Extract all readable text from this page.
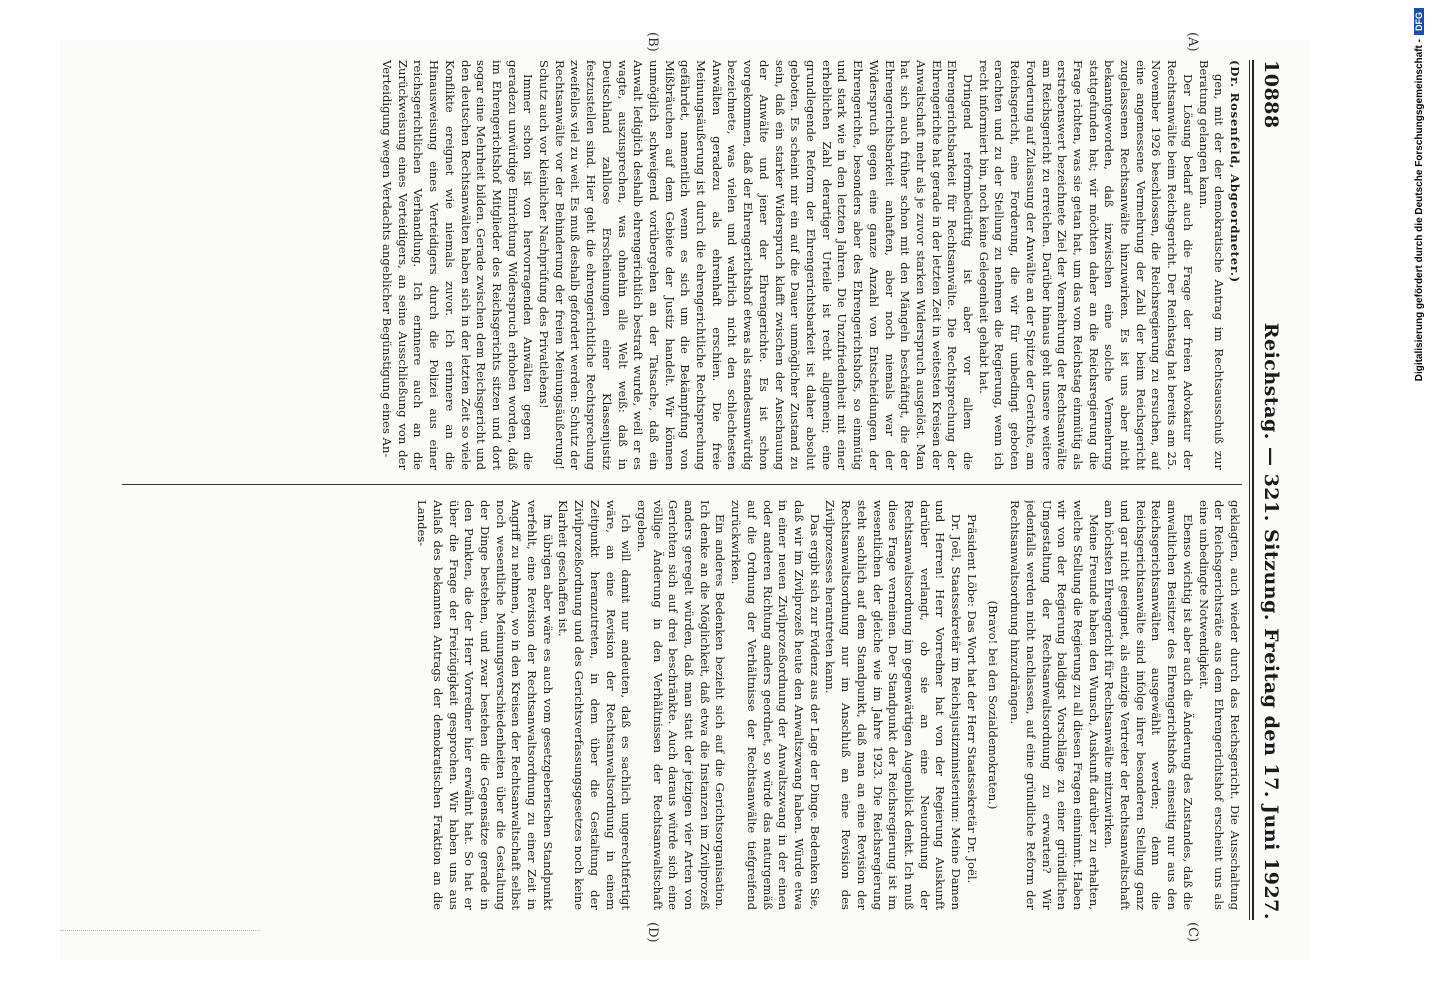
10888
Reichstag. — 321. Sitzung. Freitag den 17. Juni 1927.
(A)
(B)
(C)
(D)

(Dr. Rosenfeld, Abgeordneter.)

gen, mit der der demokratische Antrag im Rechtsausschuß zur Beratung gelangen kann.

Der Lösung bedarf auch die Frage der freien Advokatur der Rechtsanwälte beim Reichsgericht. Der Reichstag hat bereits am 25. November 1926 beschlossen, die Reichsregierung zu ersuchen, auf eine angemessene Vermehrung der Zahl der beim Reichsgericht zugelassenen Rechtsanwälte hinzuwirken. Es ist uns aber nicht bekanntgeworden, daß inzwischen eine solche Vermehrung stattgefunden hat; wir möchten daher an die Reichsregierung die Frage richten, was sie getan hat, um das vom Reichstag einmütig als erstrebenswert bezeichnete Ziel der Vermehrung der Rechtsanwälte am Reichsgericht zu erreichen. Darüber hinaus geht unsere weitere Forderung auf Zulassung der Anwälte an der Spitze der Gerichte, am Reichsgericht, eine Forderung, die wir für unbedingt geboten erachten und zu der Stellung zu nehmen die Regierung, wenn ich recht informiert bin, noch keine Gelegenheit gehabt hat.

Dringend reformbedürftig ist aber vor allem die Ehrengerichtsbarkeit für Rechtsanwälte. Die Rechtsprechung der Ehrengerichte hat gerade in der letzten Zeit in weitesten Kreisen der Anwaltschaft mehr als je zuvor starken Widerspruch ausgelöst. Man hat sich auch früher schon mit den Mängeln beschäftigt, die der Ehrengerichtsbarkeit anhaften, aber noch niemals war der Widerspruch gegen eine ganze Anzahl von Entscheidungen der Ehrengerichte, besonders aber des Ehrengerichtshofs, so einmütig und stark wie in den letzten Jahren. Die Unzufriedenheit mit einer erheblichen Zahl derartiger Urteile ist recht allgemein; eine grundlegende Reform der Ehrengerichtsbarkeit ist daher absolut geboten. Es scheint mir ein auf die Dauer unmöglicher Zustand zu sein, daß ein starker Widerspruch klafft zwischen der Anschauung der Anwälte und jener der Ehrengerichte. Es ist schon vorgekommen, daß der Ehrengerichtshof etwas als standesunwürdig bezeichnete, was vielen und wahrlich nicht den schlechtesten Anwälten geradezu als ehrenhaft erschien. Die freie Meinungsäußerung ist durch die ehrengerichtliche Rechtsprechung gefährdet, namentlich wenn es sich um die Bekämpfung von Mißbräuchen auf dem Gebiete der Justiz handelt. Wir können unmöglich schweigend vorübergehen an der Tatsache, daß ein Anwalt lediglich deshalb ehrengerichtlich bestraft wurde, weil er es wagte, auszusprechen, was ohnehin alle Welt weiß: daß in Deutschland zahllose Erscheinungen einer Klassenjustiz festzustellen sind. Hier geht die ehrengerichtliche Rechtsprechung zweifellos viel zu weit. Es muß deshalb gefordert werden: Schutz der Rechtsanwälte vor der Behinderung der freien Meinungsäußerung! Schutz auch vor kleinlicher Nachprüfung des Privatlebens!

Immer schon ist von hervorragenden Anwälten gegen die geradezu unwürdige Einrichtung Widerspruch erhoben worden, daß im Ehrengerichtshof Mitglieder des Reichsgerichts sitzen und dort sogar eine Mehrheit bilden. Gerade zwischen dem Reichsgericht und den deutschen Rechtsanwälten haben sich in der letzten Zeit so viele Konflikte ereignet wie niemals zuvor. Ich erinnere an die Hinausweisung eines Verteidigers durch die Polizei aus einer reichsgerichtlichen Verhandlung. Ich erinnere auch an die Zurückweisung eines Verteidigers, an seine Ausschließung von der Verteidigung wegen Verdachts angeblicher Begünstigung eines An-

geklagten, auch wieder durch das Reichsgericht. Die Ausschaltung der Reichsgerichtsräte aus dem Ehrengerichtshof erscheint uns als eine unbedingte Notwendigkeit.

Ebenso wichtig ist aber auch die Änderung des Zustandes, daß die anwaltlichen Beisitzer des Ehrengerichtshofs einseitig nur aus den Reichsgerichtsanwälten ausgewählt werden; denn die Reichsgerichtsanwälte sind infolge ihrer besonderen Stellung ganz und gar nicht geeignet, als einzige Vertreter der Rechtsanwaltschaft am höchsten Ehrengericht für Rechtsanwälte mitzuwirken.

Meine Freunde haben den Wunsch, Auskunft darüber zu erhalten, welche Stellung die Regierung zu all diesen Fragen einnimmt. Haben wir von der Regierung baldigst Vorschläge zu einer gründlichen Umgestaltung der Rechtsanwaltsordnung zu erwarten? Wir jedenfalls werden nicht nachlassen, auf eine gründliche Reform der Rechtsanwaltsordnung hinzudrängen.

(Bravo! bei den Sozialdemokraten.)

Präsident Löbe: Das Wort hat der Herr Staatssekretär Dr. Joël.

Dr. Joël, Staatssekretär im Reichsjustizministerium: Meine Damen und Herren! Herr Vorredner hat von der Regierung Auskunft darüber verlangt, ob sie an eine Neuordnung der Rechtsanwaltsordnung im gegenwärtigen Augenblick denkt. Ich muß diese Frage verneinen. Der Standpunkt der Reichsregierung ist im wesentlichen der gleiche wie im Jahre 1923. Die Reichsregierung steht sachlich auf dem Standpunkt, daß man an eine Revision der Rechtsanwaltsordnung nur im Anschluß an eine Revision des Zivilprozesses herantreten kann.

Das ergibt sich zur Evidenz aus der Lage der Dinge. Bedenken Sie, daß wir im Zivilprozeß heute den Anwaltszwang haben. Würde etwa in einer neuen Zivilprozeßordnung der Anwaltszwang in der einen oder anderen Richtung anders geordnet, so würde das naturgemäß auf die Ordnung der Verhältnisse der Rechtsanwälte tiefgreifend zurückwirken.

Ein anderes Bedenken bezieht sich auf die Gerichtsorganisation. Ich denke an die Möglichkeit, daß etwa die Instanzen im Zivilprozeß anders geregelt würden, daß man statt der jetzigen vier Arten von Gerichten sich auf drei beschränkte. Auch daraus würde sich eine völlige Änderung in den Verhältnissen der Rechtsanwaltschaft ergeben.

Ich will damit nur andeuten, daß es sachlich ungerechtfertigt wäre, an eine Revision der Rechtsanwaltsordnung in einem Zeitpunkt heranzutreten, in dem über die Gestaltung der Zivilprozeßordnung und des Gerichtsverfassungsgesetzes noch keine Klarheit geschaffen ist.

Im übrigen aber wäre es auch vom gesetzgeberischen Standpunkt verfehlt, eine Revision der Rechtsanwaltsordnung zu einer Zeit in Angriff zu nehmen, wo in den Kreisen der Rechtsanwaltschaft selbst noch wesentliche Meinungsverschiedenheiten über die Gestaltung der Dinge bestehen, und zwar bestehen die Gegensätze gerade in den Punkten, die der Herr Vorredner hier erwähnt hat. So hat er über die Frage der Freizügigkeit gesprochen. Wir haben uns aus Anlaß des bekannten Antrags der demokratischen Fraktion an die Landes-

Digitalisierung gefördert durch die Deutsche Forschungsgemeinschaft -
DFG
